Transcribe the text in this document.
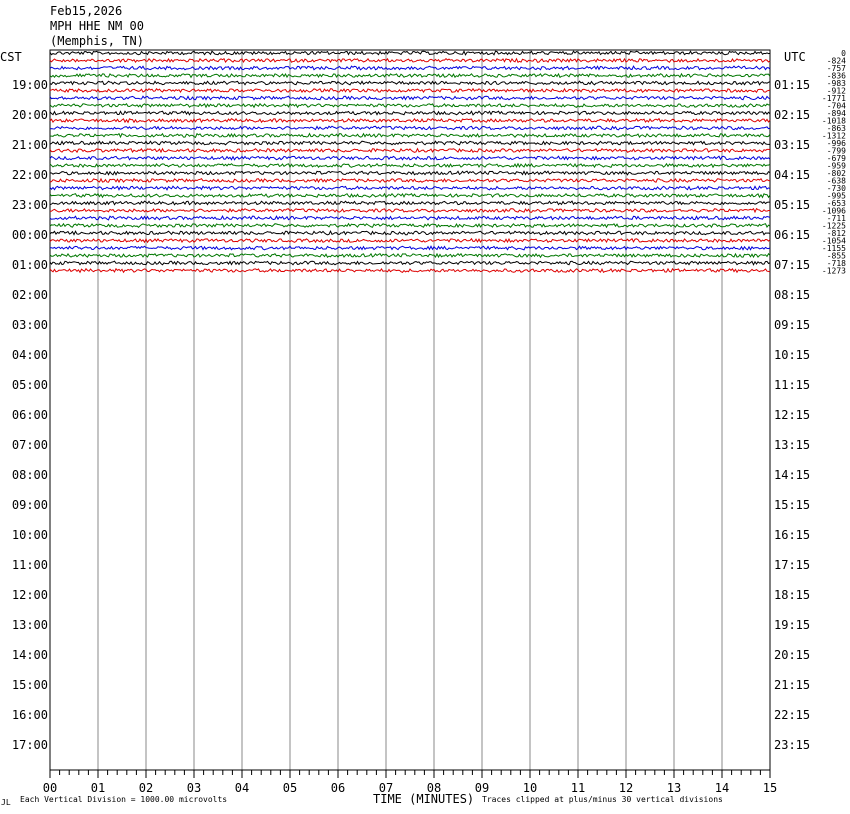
Feb15,2026
MPH HHE NM 00
(Memphis, TN)
CST	UTC
19:00
20:00
21:00
22:00
23:00
00:00
01:00
02:00
03:00
04:00
05:00
06:00
07:00
08:00
09:00
10:00
11:00
12:00
13:00
14:00
15:00
16:00
17:00
01:15
02:15
03:15
04:15
05:15
06:15
07:15
08:15
09:15
10:15
11:15
12:15
13:15
14:15
15:15
16:15
17:15
18:15
19:15
20:15
21:15
22:15
23:15
0
-824
-757
-836
-983
-912
-1771
-704
-894
-1018
-863
-1312
-996
-799
-679
-959
-802
-638
-730
-995
-653
-1096
-711
-1225
-812
-1054
-1155
-855
-718
-1273
00	01	02	03	04	05	06	07	08	09	10	11	12	13	14	15
JL Each Vertical Division = 1000.00 microvolts	TIME (MINUTES) Traces clipped at plus/minus 30 vertical divisions
